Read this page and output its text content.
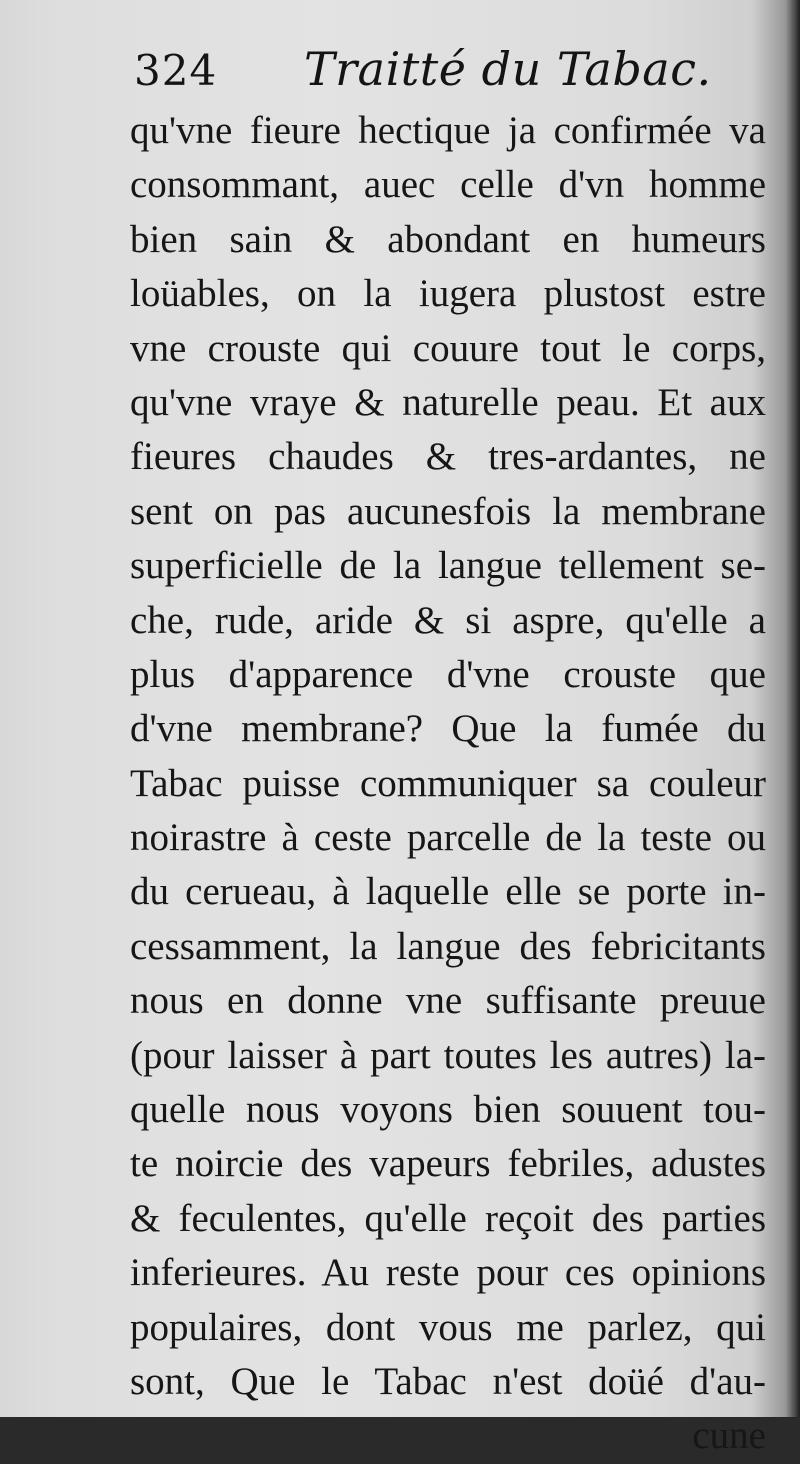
324 Traitté du Tabac.
qu'vne fieure hectique ja confirmée va
consommant, auec celle d'vn homme
bien sain & abondant en humeurs
loüables, on la iugera plustost estre
vne crouste qui couure tout le corps,
qu'vne vraye & naturelle peau. Et aux
fieures chaudes & tres-ardantes, ne
sent on pas aucunesfois la membrane
superficielle de la langue tellement se-
che, rude, aride & si aspre, qu'elle a
plus d'apparence d'vne crouste que
d'vne membrane? Que la fumée du
Tabac puisse communiquer sa couleur
noirastre à ceste parcelle de la teste ou
du cerueau, à laquelle elle se porte in-
cessamment, la langue des febricitants
nous en donne vne suffisante preuue
(pour laisser à part toutes les autres) la-
quelle nous voyons bien souuent tou-
te noircie des vapeurs febriles, adustes
& feculentes, qu'elle reçoit des parties
inferieures. Au reste pour ces opinions
populaires, dont vous me parlez, qui
sont, Que le Tabac n'est doüé d'au-
cune
